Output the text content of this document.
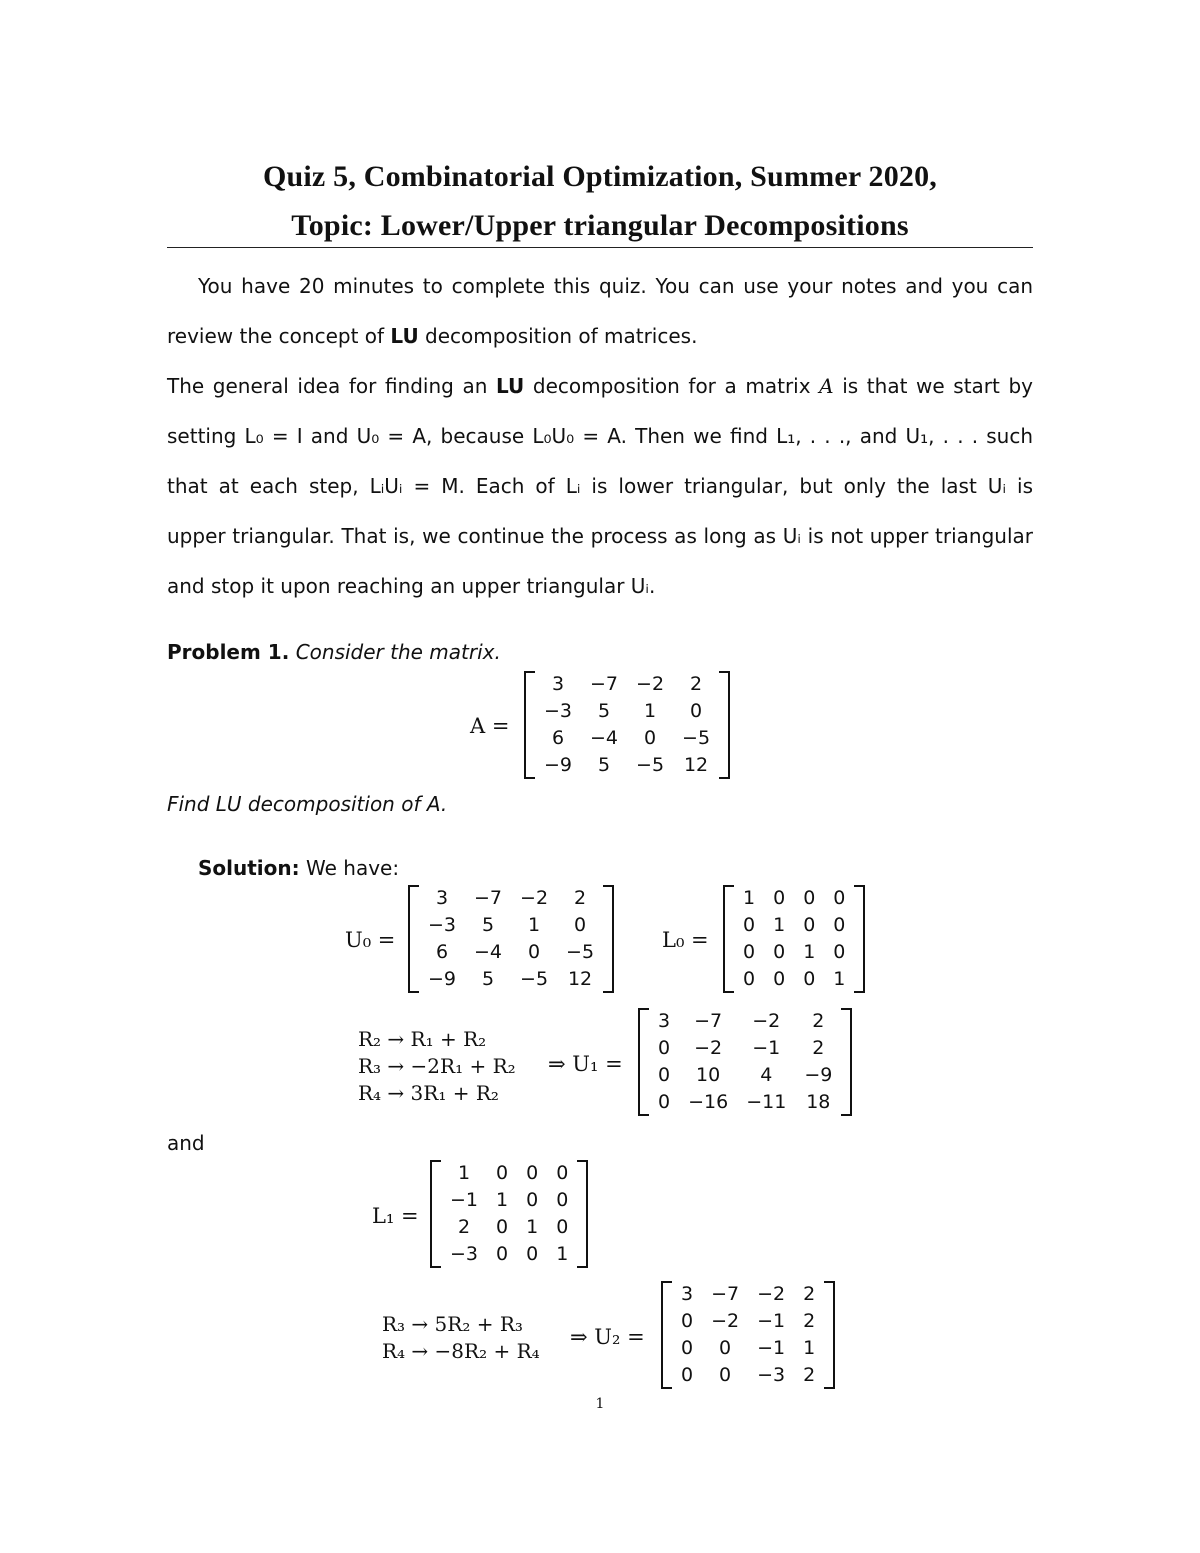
Quiz 5, Combinatorial Optimization, Summer 2020,
Topic: Lower/Upper triangular Decompositions
You have 20 minutes to complete this quiz. You can use your notes and you can
review the concept of LU decomposition of matrices.
The general idea for finding an LU decomposition for a matrix A is that we start by
setting L₀ = I and U₀ = A, because L₀U₀ = A. Then we find L₁, . . ., and U₁, . . . such
that at each step, LᵢUᵢ = M. Each of Lᵢ is lower triangular, but only the last Uᵢ is
upper triangular. That is, we continue the process as long as Uᵢ is not upper triangular
and stop it upon reaching an upper triangular Uᵢ.
Problem 1. Consider the matrix.
A =
3	−7	−2	2
−3	5	1	0
6	−4	0	−5
−9	5	−5	12
Find LU decomposition of A.
Solution: We have:
U₀ =
3	−7	−2	2
−3	5	1	0
6	−4	0	−5
−9	5	−5	12
L₀ =
1	0	0	0
0	1	0	0
0	0	1	0
0	0	0	1
R₂ → R₁ + R₂
R₃ → −2R₁ + R₂
R₄ → 3R₁ + R₂
⇒ U₁ =
3	−7	−2	2
0	−2	−1	2
0	10	4	−9
0	−16	−11	18
and
L₁ =
1	0	0	0
−1	1	0	0
2	0	1	0
−3	0	0	1
R₃ → 5R₂ + R₃
R₄ → −8R₂ + R₄
⇒ U₂ =
3	−7	−2	2
0	−2	−1	2
0	0	−1	1
0	0	−3	2
1
